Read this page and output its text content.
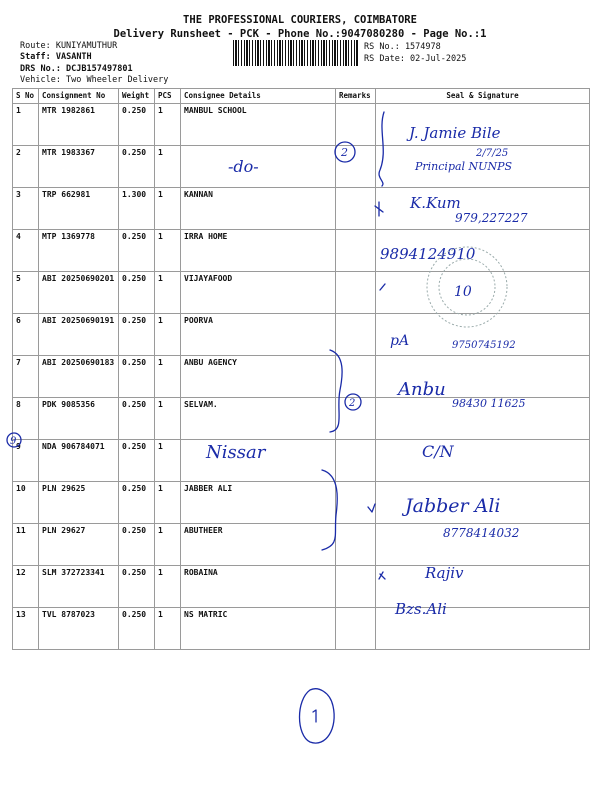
THE PROFESSIONAL COURIERS, COIMBATORE
Delivery Runsheet - PCK - Phone No.:9047080280 - Page No.:1
Route: KUNIYAMUTHUR
Staff: VASANTH
DRS No.: DCJB157497801
Vehicle: Two Wheeler Delivery
RS No.: 1574978
RS Date: 02-Jul-2025
S No	Consignment No	Weight	PCS	Consignee Details	Remarks	Seal & Signature
1	MTR 1982861	0.250	1	MANBUL SCHOOL		
2	MTR 1983367	0.250	1			
3	TRP 662981	1.300	1	KANNAN		
4	MTP 1369778	0.250	1	IRRA HOME		
5	ABI 20250690201	0.250	1	VIJAYAFOOD		
6	ABI 20250690191	0.250	1	POORVA		
7	ABI 20250690183	0.250	1	ANBU AGENCY		
8	PDK 9085356	0.250	1	SELVAM.		
9	NDA 906784071	0.250	1			
10	PLN 29625	0.250	1	JABBER ALI		
11	PLN 29627	0.250	1	ABUTHEER		
12	SLM 372723341	0.250	1	ROBAINA		
13	TVL 8787023	0.250	1	NS MATRIC		
J. Jamie Bile
2/7/25
Principal NUNPS
2
-do-
K.Kum
979,227227
9894124910
10
pA	9750745192
2
Anbu
98430 11625
9
Nissar	C/N
Jabber Ali
8778414032
Rajiv
Bzs.Ali
